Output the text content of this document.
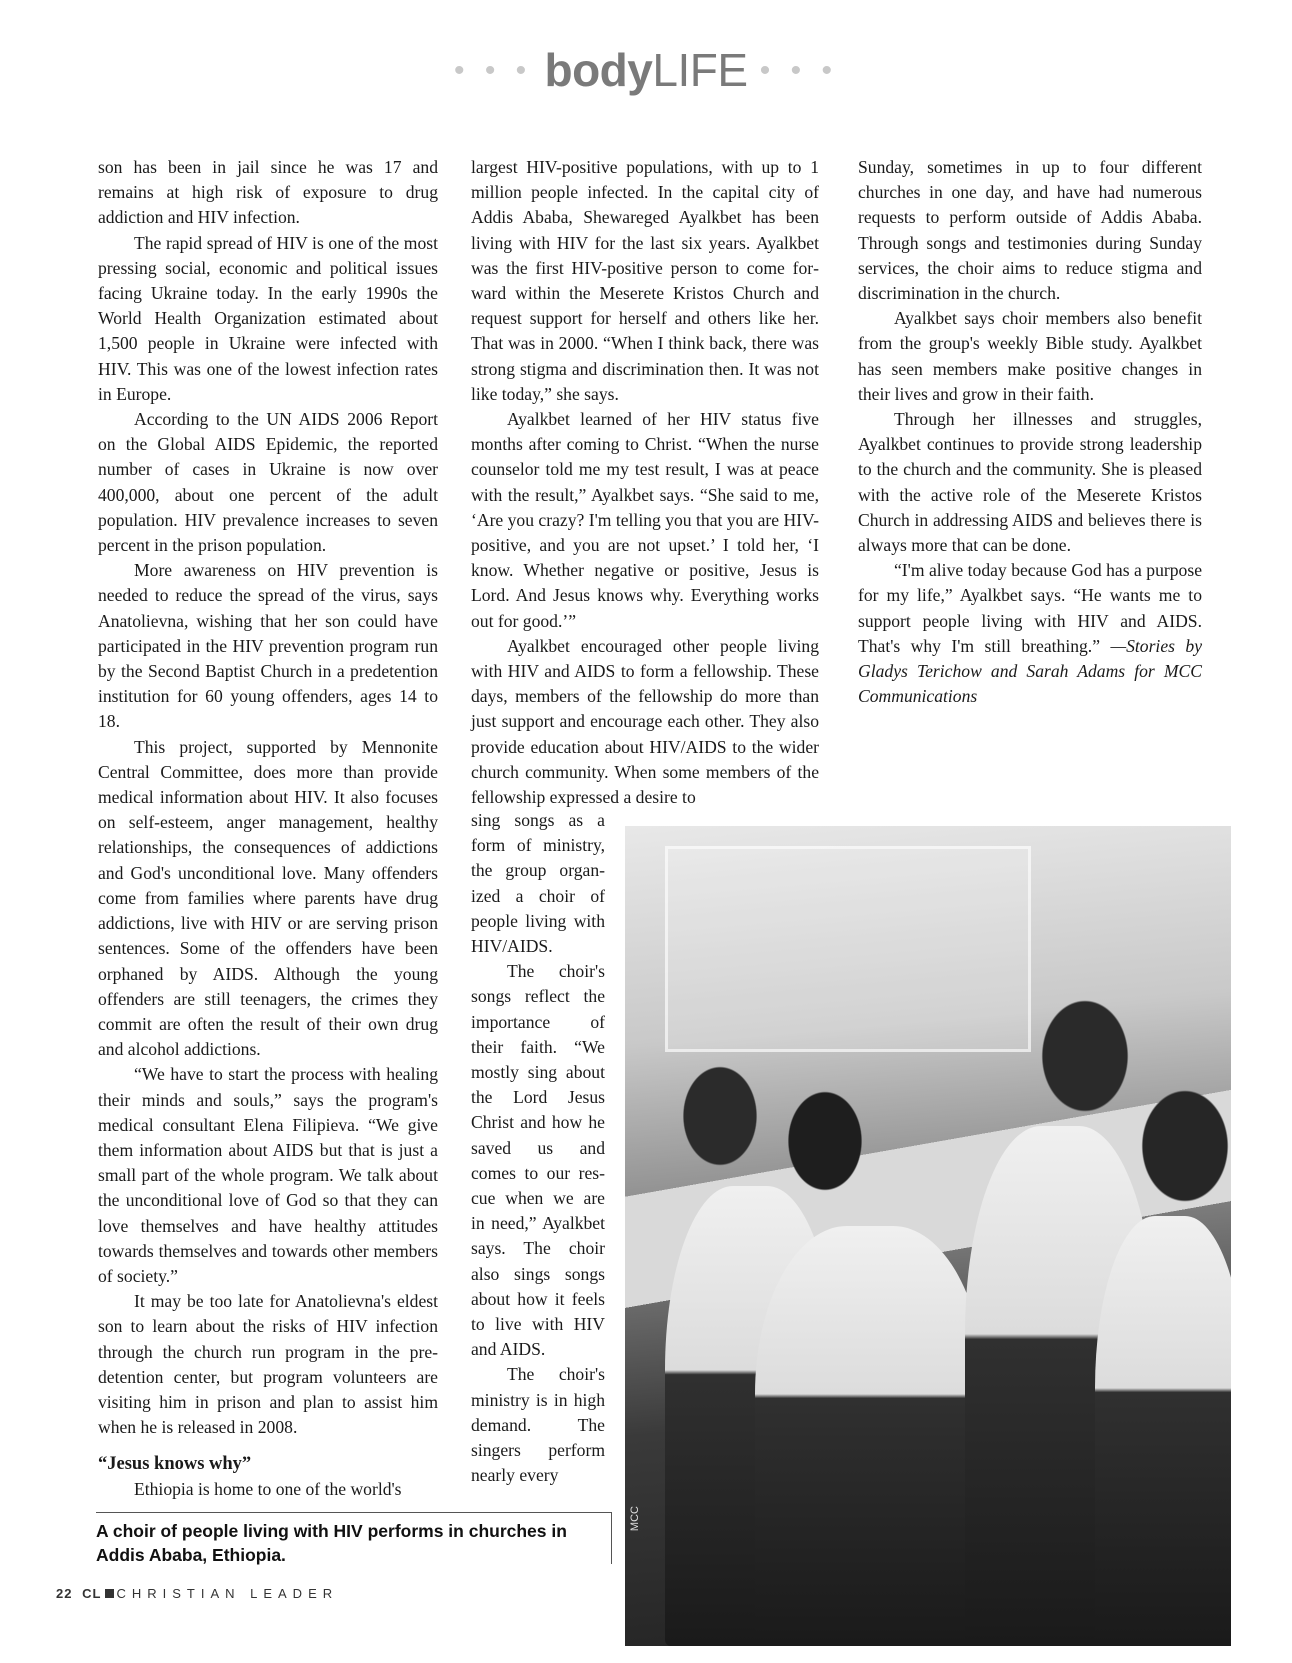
• • • bodyLIFE • • •

son has been in jail since he was 17 and remains at high risk of exposure to drug addiction and HIV infection.

The rapid spread of HIV is one of the most pressing social, economic and political issues facing Ukraine today. In the early 1990s the World Health Organization estimated about 1,500 people in Ukraine were infected with HIV. This was one of the lowest infection rates in Europe.

According to the UN AIDS 2006 Report on the Global AIDS Epidemic, the reported number of cases in Ukraine is now over 400,000, about one percent of the adult population. HIV prevalence increases to seven percent in the prison population.

More awareness on HIV prevention is needed to reduce the spread of the virus, says Anatolievna, wishing that her son could have participated in the HIV prevention program run by the Second Baptist Church in a predetention institution for 60 young offenders, ages 14 to 18.

This project, supported by Mennonite Central Committee, does more than provide medical information about HIV. It also focuses on self-esteem, anger management, healthy relationships, the consequences of addictions and God's unconditional love. Many offenders come from families where parents have drug addictions, live with HIV or are serving prison sentences. Some of the offenders have been orphaned by AIDS. Although the young offenders are still teenagers, the crimes they commit are often the result of their own drug and alcohol addictions.

“We have to start the process with healing their minds and souls,” says the program's medical consultant Elena Filipieva. “We give them information about AIDS but that is just a small part of the whole program. We talk about the unconditional love of God so that they can love themselves and have healthy attitudes towards themselves and towards other members of society.”

It may be too late for Anatolievna's eldest son to learn about the risks of HIV infection through the church run program in the pre-detention center, but program volunteers are visiting him in prison and plan to assist him when he is released in 2008.

“Jesus knows why”

Ethiopia is home to one of the world's

largest HIV-positive populations, with up to 1 million people infected. In the capital city of Addis Ababa, Shewareged Ayalkbet has been living with HIV for the last six years. Ayalkbet was the first HIV-positive person to come forward within the Meserete Kristos Church and request support for herself and others like her. That was in 2000. “When I think back, there was strong stigma and discrimination then. It was not like today,” she says.

Ayalkbet learned of her HIV status five months after coming to Christ. “When the nurse counselor told me my test result, I was at peace with the result,” Ayalkbet says. “She said to me, ‘Are you crazy? I'm telling you that you are HIV-positive, and you are not upset.’ I told her, ‘I know. Whether negative or positive, Jesus is Lord. And Jesus knows why. Everything works out for good.’”

Ayalkbet encouraged other people living with HIV and AIDS to form a fellowship. These days, members of the fellowship do more than just support and encourage each other. They also provide education about HIV/AIDS to the wider church community. When some members of the fellowship expressed a desire to

sing songs as a form of ministry, the group organized a choir of people living with HIV/AIDS.

The choir's songs reflect the importance of their faith. “We mostly sing about the Lord Jesus Christ and how he saved us and comes to our rescue when we are in need,” Ayalkbet says. The choir also sings songs about how it feels to live with HIV and AIDS.

The choir's ministry is in high demand. The singers perform nearly every

Sunday, sometimes in up to four different churches in one day, and have had numerous requests to perform outside of Addis Ababa. Through songs and testimonies during Sunday services, the choir aims to reduce stigma and discrimination in the church.

Ayalkbet says choir members also benefit from the group's weekly Bible study. Ayalkbet has seen members make positive changes in their lives and grow in their faith.

Through her illnesses and struggles, Ayalkbet continues to provide strong leadership to the church and the community. She is pleased with the active role of the Meserete Kristos Church in addressing AIDS and believes there is always more that can be done.

“I'm alive today because God has a purpose for my life,” Ayalkbet says. “He wants me to support people living with HIV and AIDS. That's why I'm still breathing.” —Stories by Gladys Terichow and Sarah Adams for MCC Communications

MCC
A choir of people living with HIV performs in churches in Addis Ababa, Ethiopia.
22 CL CHRISTIAN LEADER
